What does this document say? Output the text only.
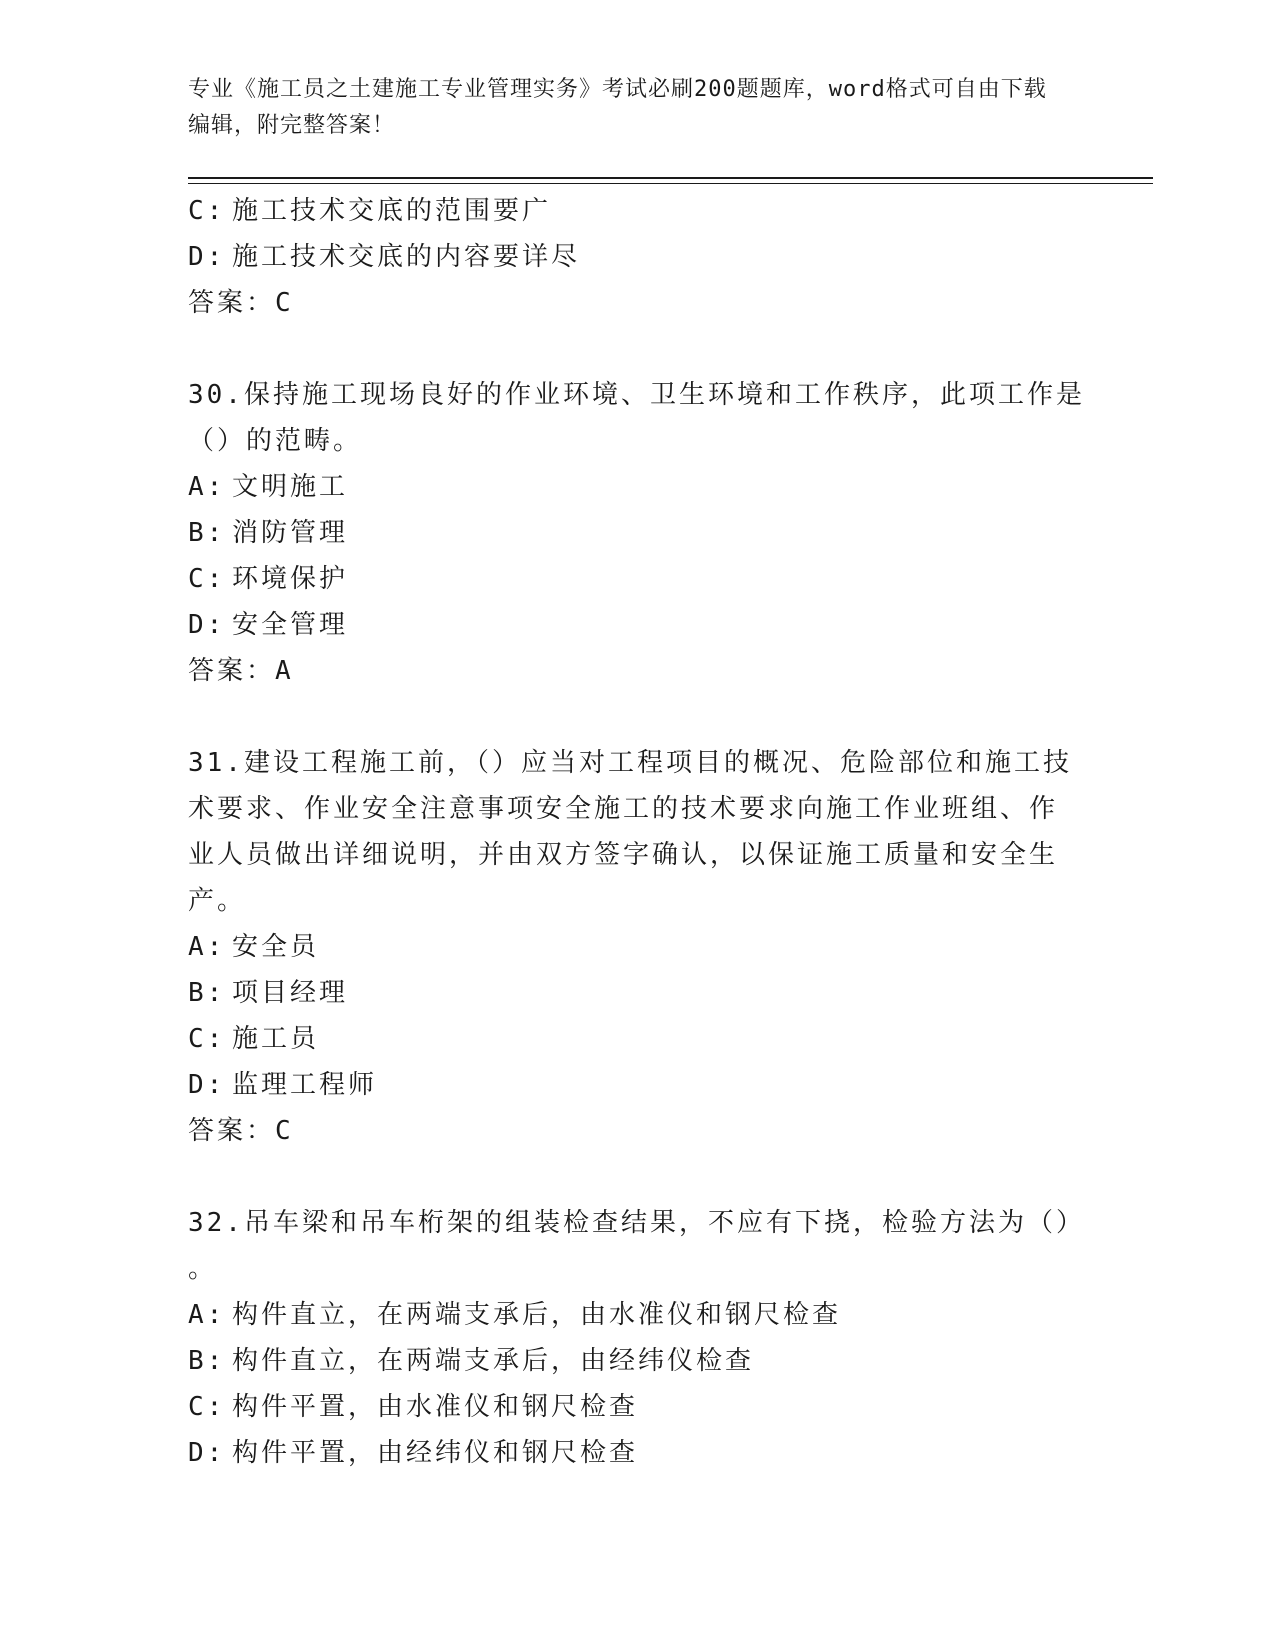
专业《施工员之土建施工专业管理实务》考试必刷200题题库，word格式可自由下载编辑，附完整答案！
C: 施工技术交底的范围要广
D: 施工技术交底的内容要详尽
答案：C
30.保持施工现场良好的作业环境、卫生环境和工作秩序，此项工作是
（）的范畴。
A: 文明施工
B: 消防管理
C: 环境保护
D: 安全管理
答案：A
31.建设工程施工前，（）应当对工程项目的概况、危险部位和施工技
术要求、作业安全注意事项安全施工的技术要求向施工作业班组、作
业人员做出详细说明，并由双方签字确认，以保证施工质量和安全生
产。
A: 安全员
B: 项目经理
C: 施工员
D: 监理工程师
答案：C
32.吊车梁和吊车桁架的组装检查结果，不应有下挠，检验方法为（）
。
A: 构件直立，在两端支承后，由水准仪和钢尺检查
B: 构件直立，在两端支承后，由经纬仪检查
C: 构件平置，由水准仪和钢尺检查
D: 构件平置，由经纬仪和钢尺检查
